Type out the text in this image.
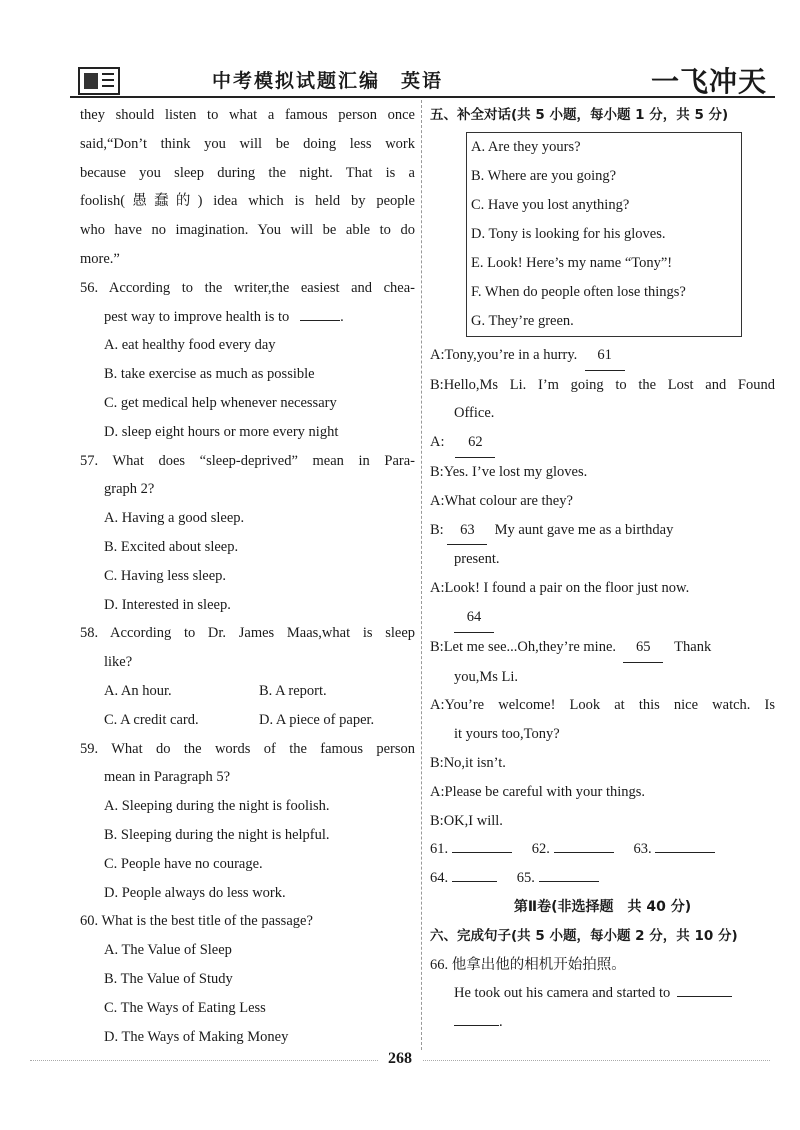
中考模拟试题汇编　英语	一飞冲天
they should listen to what a famous person once
said,“Don’t think you will be doing less work
because you sleep during the night. That is a
foolish(愚蠢的) idea which is held by people
who have no imagination. You will be able to do
more.”
56. According to the writer,the easiest and chea-
pest way to improve health is to	.
A. eat healthy food every day
B. take exercise as much as possible
C. get medical help whenever necessary
D. sleep eight hours or more every night
57. What does “sleep-deprived” mean in Para-
graph 2?
A. Having a good sleep.
B. Excited about sleep.
C. Having less sleep.
D. Interested in sleep.
58. According to Dr. James Maas,what is sleep
like?
A. An hour.	B. A report.
C. A credit card.	D. A piece of paper.
59. What do the words of the famous person
mean in Paragraph 5?
A. Sleeping during the night is foolish.
B. Sleeping during the night is helpful.
C. People have no courage.
D. People always do less work.
60. What is the best title of the passage?
A. The Value of Sleep
B. The Value of Study
C. The Ways of Eating Less
D. The Ways of Making Money
五、补全对话(共 5 小题，每小题 1 分，共 5 分)
A. Are they yours?
B. Where are you going?
C. Have you lost anything?
D. Tony is looking for his gloves.
E. Look! Here’s my name “Tony”!
F. When do people often lose things?
G. They’re green.
A:Tony,you’re in a hurry. 61
B:Hello,Ms Li. I’m going to the Lost and Found
Office.
A: 62
B:Yes. I’ve lost my gloves.
A:What colour are they?
B: 63 My aunt gave me as a birthday
present.
A:Look! I found a pair on the floor just now.
64
B:Let me see...Oh,they’re mine. 65 Thank
you,Ms Li.
A:You’re welcome! Look at this nice watch. Is
it yours too,Tony?
B:No,it isn’t.
A:Please be careful with your things.
B:OK,I will.
61.	62.	63.
64.	65.
第Ⅱ卷(非选择题　共 40 分)
六、完成句子(共 5 小题，每小题 2 分，共 10 分)
66. 他拿出他的相机开始拍照。
He took out his camera and started to
.
268
